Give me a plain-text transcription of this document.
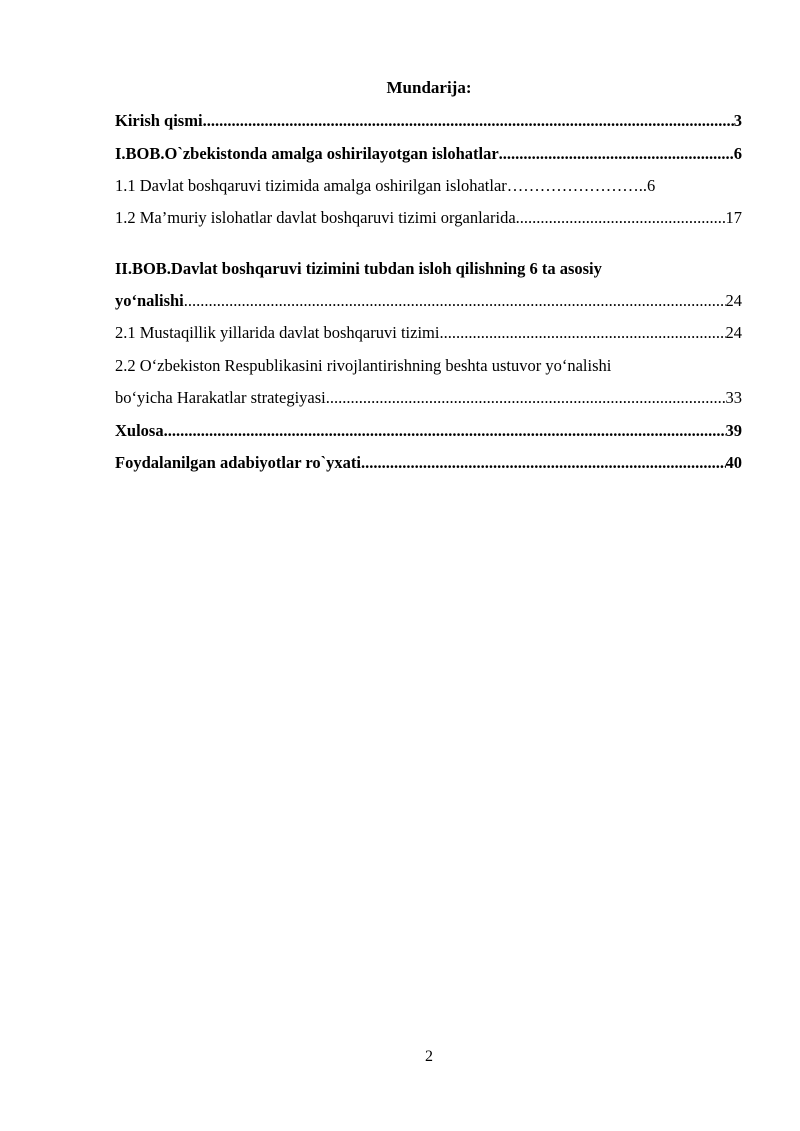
Mundarija:
Kirish qismi .....	3
I.BOB.O`zbekistonda amalga oshirilayotgan islohatlar .....	6
1.1 Davlat boshqaruvi tizimida amalga oshirilgan islohatlar ……………………..6
1.2 Ma’muriy islohatlar davlat boshqaruvi tizimi organlarida .....	17
II.BOB.Davlat boshqaruvi tizimini tubdan isloh qilishning 6 ta asosiy
yo‘nalishi .....	24
2.1 Mustaqillik yillarida davlat boshqaruvi tizimi .....	24
2.2 O‘zbekiston Respublikasini rivojlantirishning beshta ustuvor yo‘nalishi
bo‘yicha Harakatlar strategiyasi .....	33
Xulosa .....	39
Foydalanilgan adabiyotlar ro`yxati .....	40
2
